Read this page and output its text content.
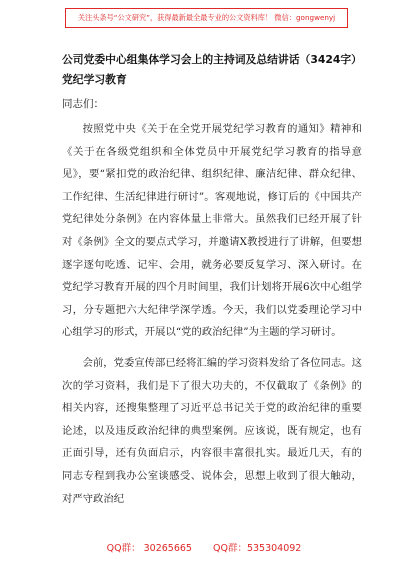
关注头条号“公文研究”，获得最新最全最专业的公文资料库！ 微信：gongwenyj
公司党委中心组集体学习会上的主持词及总结讲话（3424字）党纪学习教育

同志们：

按照党中央《关于在全党开展党纪学习教育的通知》精神和《关于在各级党组织和全体党员中开展党纪学习教育的指导意见》，要“紧扣党的政治纪律、组织纪律、廉洁纪律、群众纪律、工作纪律、生活纪律进行研讨”。客观地说，修订后的《中国共产党纪律处分条例》在内容体量上非常大。虽然我们已经开展了针对《条例》全文的要点式学习，并邀请X教授进行了讲解，但要想逐字逐句吃透、记牢、会用，就务必要反复学习、深入研讨。在党纪学习教育开展的四个月时间里，我们计划将开展6次中心组学习，分专题把六大纪律学深学透。今天，我们以党委理论学习中心组学习的形式，开展以“党的政治纪律”为主题的学习研讨。

会前，党委宣传部已经将汇编的学习资料发给了各位同志。这次的学习资料，我们是下了很大功夫的，不仅截取了《条例》的相关内容，还搜集整理了习近平总书记关于党的政治纪律的重要论述，以及违反政治纪律的典型案例。应该说，既有规定，也有正面引导，还有负面启示，内容很丰富很扎实。最近几天，有的同志专程到我办公室谈感受、说体会，思想上收到了很大触动，对严守政治纪

QQ群： 30265665 QQ群：535304092
